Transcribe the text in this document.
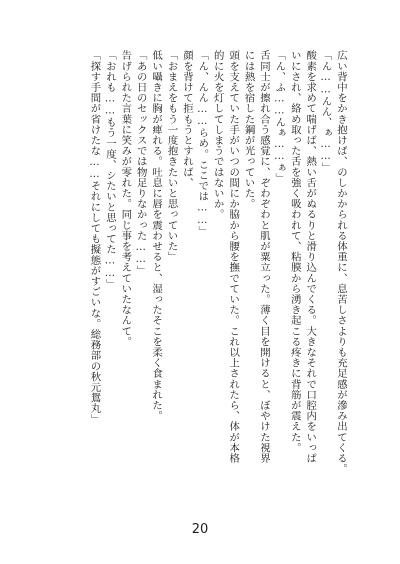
広い背中をかき抱けば、のしかかられる体重に、息苦しさよりも充足感が滲み出てくる。
「ん……んん、ぁ……」
酸素を求めて喘げば、熱い舌がぬるりと滑り込んでくる。大きなそれで口腔内をいっぱ
いにされ、絡め取った舌を強く吸われて、粘膜から湧き起こる疼きに背筋が震えた。
「ん、ふ……んぁ……ぁ」
舌同士が擦れ合う感覚に、ぞわぞわと肌が粟立った。薄く目を開けると、ぼやけた視界
には熱を宿した鋼が光っていた。
頭を支えていた手がいつの間にか脇から腰を撫でていた。これ以上されたら、体が本格
的に火を灯してしまうではないか。
「ん、んん……らめ。ここでは……」
顔を背けて拒もうとすれば、
「おまえをもう一度抱きたいと思っていた」
低い囁きに胸が痺れる。吐息に唇を震わせると、湿ったそこを柔く食まれた。
「あの日のセックスでは物足りなかった……」
告げられた言葉に笑みが零れた。同じ事を考えていたなんて。
「おれも……もう一度、シたいと思ってた……」
「探す手間が省けたな……それにしても擬態がすごいな。総務部の秋元鴛丸」
20
